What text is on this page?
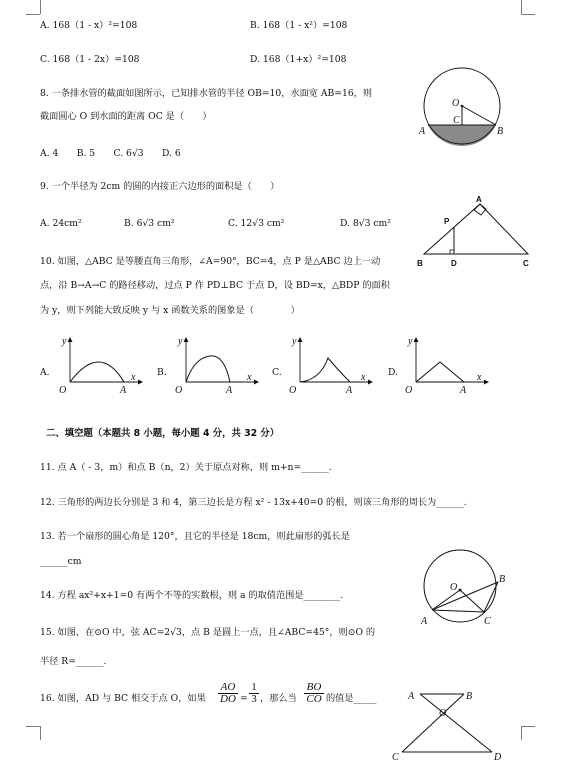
A. 168（1 - x）²=108	B. 168（1 - x²）=108
C. 168（1 - 2x）=108	D. 168（1+x）²=108
8. 一条排水管的截面如图所示，已知排水管的半径 OB=10，水面宽 AB=16，则
截面圆心 O 到水面的距离 OC 是（　　）
A. 4　　B. 5　　C. 6√3　　D. 6
O
C
A	B
9. 一个半径为 2cm 的圆的内接正六边形的面积是（　　）
A. 24cm²	B. 6√3 cm²	C. 12√3 cm²	D. 8√3 cm²
A
P
B	D	C
10. 如图，△ABC 是等腰直角三角形，∠A=90°，BC=4，点 P 是△ABC 边上一动
点，沿 B→A→C 的路径移动，过点 P 作 PD⊥BC 于点 D，设 BD=x，△BDP 的面积
为 y，则下列能大致反映 y 与 x 函数关系的图象是（　　　　）
A.
y
x
O	A
B.
y
x
O	A
C.
y
x
O	A
D.
y
x
O	A
二、填空题（本题共 8 小题，每小题 4 分，共 32 分）
11. 点 A（ - 3，m）和点 B（n，2）关于原点对称，则 m+n=______.
12. 三角形的两边长分别是 3 和 4，第三边长是方程 x² - 13x+40=0 的根，则该三角形的周长为______.
13. 若一个扇形的圆心角是 120°，且它的半径是 18cm，则此扇形的弧长是
______cm
14. 方程 ax²+x+1=0 有两个不等的实数根，则 a 的取值范围是________.
O
B
A	C
15. 如图，在⊙O 中，弦 AC=2√3，点 B 是圆上一点，且∠ABC=45°，则⊙O 的
半径 R=______.
16. 如图，AD 与 BC 相交于点 O，如果 $\frac{AO}{DO} = \frac{1}{3}$ ，那么当 $\frac{BO}{CO}$ 的值是_____	A	B
O
C	D
